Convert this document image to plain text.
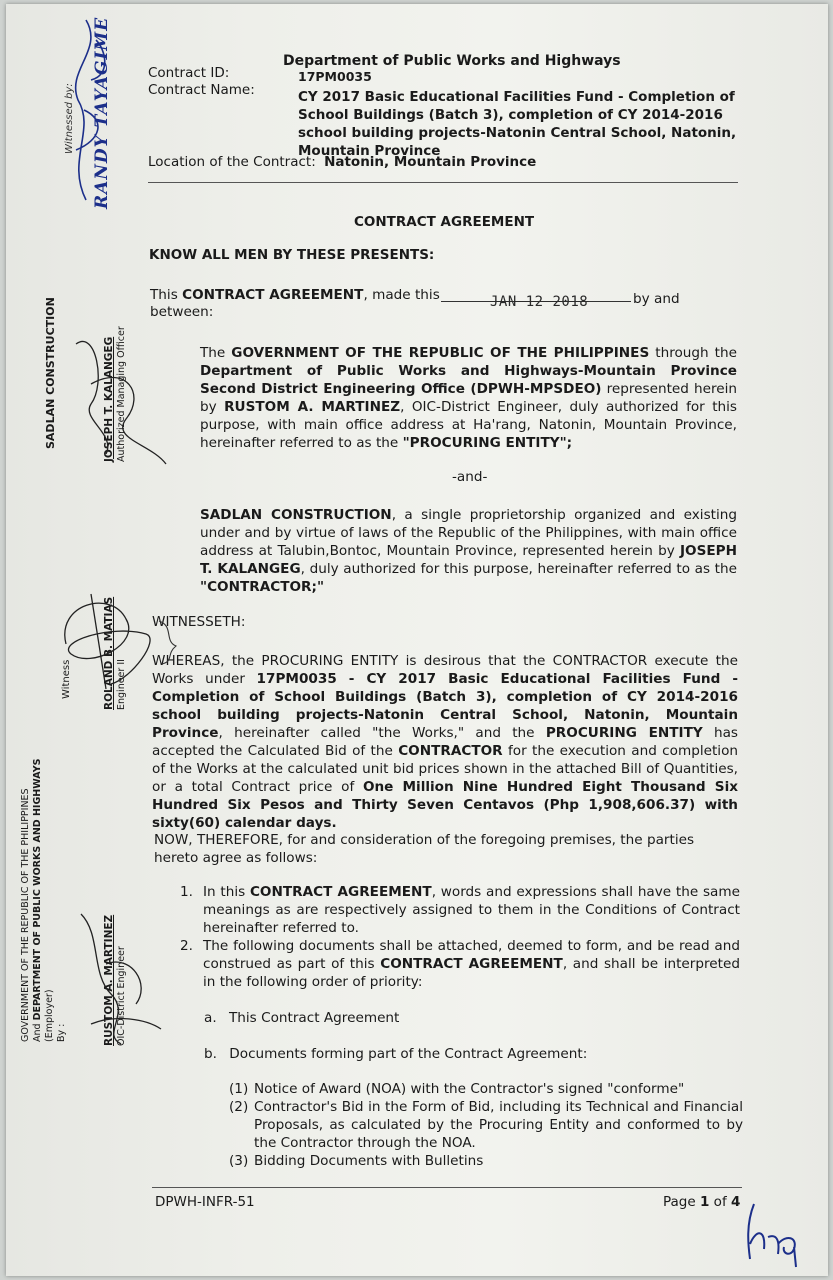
Department of Public Works and Highways
Contract ID:	17PM0035
Contract Name:	CY 2017 Basic Educational Facilities Fund - Completion of
School Buildings (Batch 3), completion of CY 2014-2016
school building projects-Natonin Central School, Natonin,
Mountain Province
Location of the Contract: Natonin, Mountain Province
CONTRACT AGREEMENT
KNOW ALL MEN BY THESE PRESENTS:
This CONTRACT AGREEMENT, made this	JAN 12 2018	by and
between:
The GOVERNMENT OF THE REPUBLIC OF THE PHILIPPINES through the Department of Public Works and Highways-Mountain Province Second District Engineering Office (DPWH-MPSDEO) represented herein by RUSTOM A. MARTINEZ, OIC-District Engineer, duly authorized for this purpose, with main office address at Ha'rang, Natonin, Mountain Province, hereinafter referred to as the "PROCURING ENTITY";
-and-
SADLAN CONSTRUCTION, a single proprietorship organized and existing under and by virtue of laws of the Republic of the Philippines, with main office address at Talubin,Bontoc, Mountain Province, represented herein by JOSEPH T. KALANGEG, duly authorized for this purpose, hereinafter referred to as the "CONTRACTOR;"
WITNESSETH:
WHEREAS, the PROCURING ENTITY is desirous that the CONTRACTOR execute the Works under 17PM0035 - CY 2017 Basic Educational Facilities Fund - Completion of School Buildings (Batch 3), completion of CY 2014-2016 school building projects-Natonin Central School, Natonin, Mountain Province, hereinafter called "the Works," and the PROCURING ENTITY has accepted the Calculated Bid of the CONTRACTOR for the execution and completion of the Works at the calculated unit bid prices shown in the attached Bill of Quantities, or a total Contract price of One Million Nine Hundred Eight Thousand Six Hundred Six Pesos and Thirty Seven Centavos (Php 1,908,606.37) with sixty(60) calendar days.
NOW, THEREFORE, for and consideration of the foregoing premises, the parties hereto agree as follows:
1. In this CONTRACT AGREEMENT, words and expressions shall have the same meanings as are respectively assigned to them in the Conditions of Contract hereinafter referred to.
2. The following documents shall be attached, deemed to form, and be read and construed as part of this CONTRACT AGREEMENT, and shall be interpreted in the following order of priority:
a. This Contract Agreement
b. Documents forming part of the Contract Agreement:
(1) Notice of Award (NOA) with the Contractor's signed "conforme"
(2) Contractor's Bid in the Form of Bid, including its Technical and Financial Proposals, as calculated by the Procuring Entity and conformed to by the Contractor through the NOA.
(3) Bidding Documents with Bulletins
DPWH-INFR-51	Page 1 of 4
Witnessed by: RANDY TAYAGIME
SADLAN CONSTRUCTION	JOSEPH T. KALANGEG Authorized Managing Officer
Witness	ROLAND B. MATIAS Engineer II
GOVERNMENT OF THE REPUBLIC OF THE PHILIPPINES And DEPARTMENT OF PUBLIC WORKS AND HIGHWAYS (Employer) By :	RUSTOM A. MARTINEZ OIC-District Engineer
